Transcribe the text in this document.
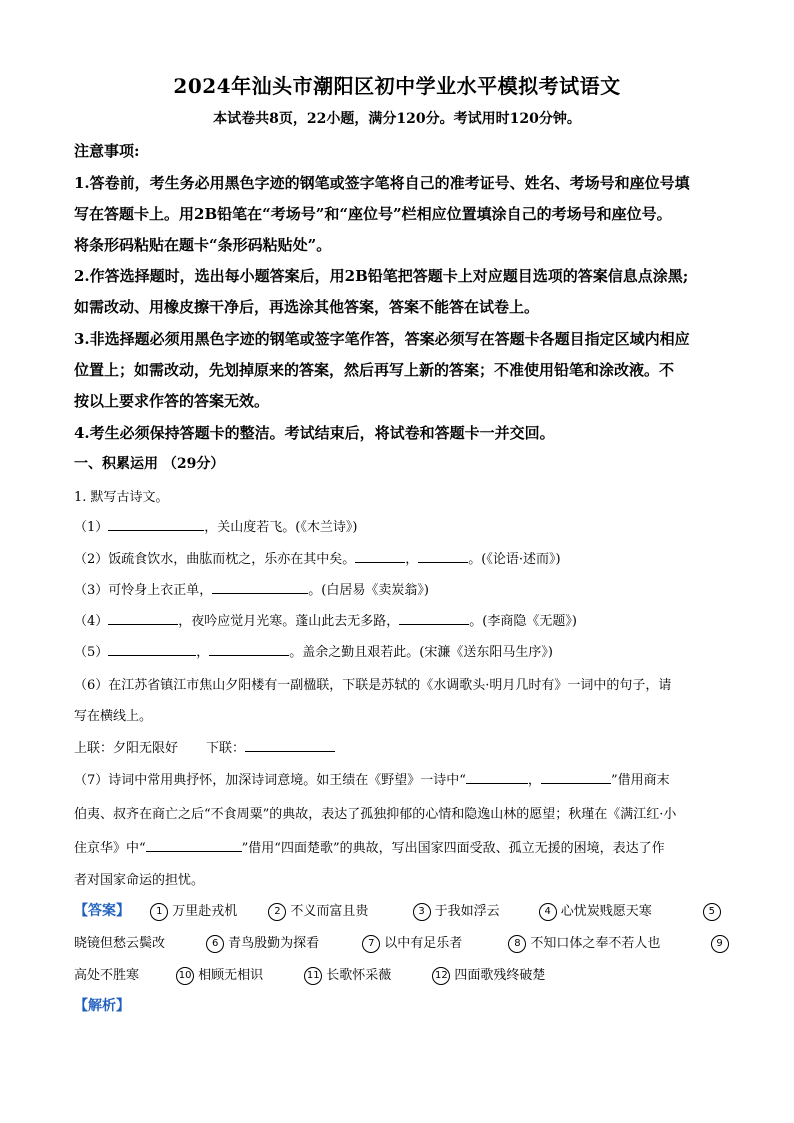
2024年汕头市潮阳区初中学业水平模拟考试语文
本试卷共8页，22小题，满分120分。考试用时120分钟。
注意事项:
1.答卷前，考生务必用黑色字迹的钢笔或签字笔将自己的准考证号、姓名、考场号和座位号填
写在答题卡上。用2B铅笔在“考场号”和“座位号”栏相应位置填涂自己的考场号和座位号。
将条形码粘贴在题卡“条形码粘贴处”。
2.作答选择题时，选出每小题答案后，用2B铅笔把答题卡上对应题目选项的答案信息点涂黑;
如需改动、用橡皮擦干净后，再选涂其他答案，答案不能答在试卷上。
3.非选择题必须用黑色字迹的钢笔或签字笔作答，答案必须写在答题卡各题目指定区域内相应
位置上；如需改动，先划掉原来的答案，然后再写上新的答案；不准使用铅笔和涂改液。不
按以上要求作答的答案无效。
4.考生必须保持答题卡的整洁。考试结束后，将试卷和答题卡一并交回。
一、积累运用 （29分）
1. 默写古诗文。
（1）	，关山度若飞。(《木兰诗》)
（2）饭疏食饮水，曲肱而枕之，乐亦在其中矣。	，	。(《论语·述而》)
（3）可怜身上衣正单，	。(白居易《卖炭翁》)
（4）	，夜吟应觉月光寒。蓬山此去无多路，	。(李商隐《无题》)
（5）	，	。盖余之勤且艰若此。(宋濂《送东阳马生序》)
（6）在江苏省镇江市焦山夕阳楼有一副楹联，下联是苏轼的《水调歌头·明月几时有》一词中的句子，请
写在横线上。
上联：夕阳无限好 下联：
（7）诗词中常用典抒怀，加深诗词意境。如王绩在《野望》一诗中“	，	”借用商末
伯夷、叔齐在商亡之后“不食周粟”的典故，表达了孤独抑郁的心情和隐逸山林的愿望；秋瑾在《满江红·小
住京华》中“	”借用“四面楚歌”的典故，写出国家四面受敌、孤立无援的困境，表达了作
者对国家命运的担忧。
【答案】	1 万里赴戎机	2 不义而富且贵	3 于我如浮云	4 心忧炭贱愿天寒	5
晓镜但愁云鬓改	6 青鸟殷勤为探看	7 以中有足乐者	8 不知口体之奉不若人也	9
高处不胜寒	10 相顾无相识	11 长歌怀采薇	12 四面歌残终破楚
【解析】
